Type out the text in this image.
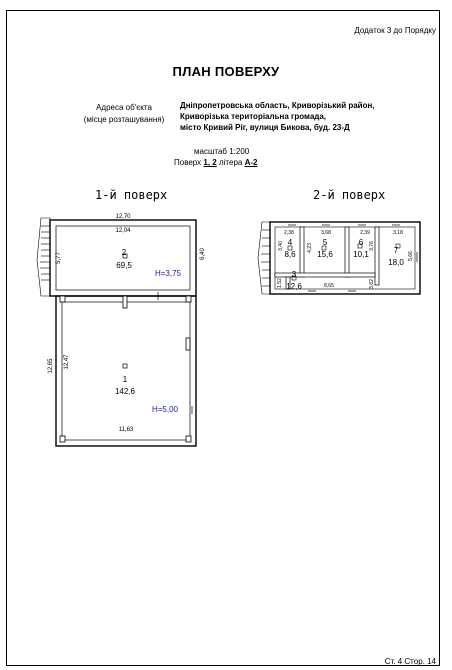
Додаток 3 до Порядку
ПЛАН ПОВЕРХУ
Адреса об'єкта
(місце розташування)
Дніпропетровська область, Криворізький район,
Криворізька територіальна громада,
місто Кривий Ріг, вулиця Бикова, буд. 23-Д
масштаб 1:200
Поверх 1, 2 літера А-2
1-й поверх	2-й поверх
12,70
12,04
6,40
5,77
12,65 12,47
11,63
2
69,5
H=3,75
1
142,6
H=5,00
2,38	3,68	2,39	3,18
3,40	4,23	3,76
5,66
8,65
1,52	3,62
4
8,6
5
15,6
6
10,1	7
18,0
3
12,6
Ст. 4 Стор. 14
